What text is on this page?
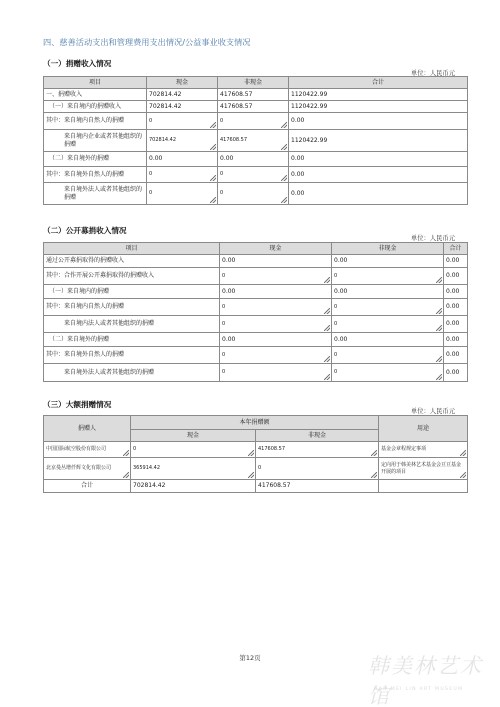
四、慈善活动支出和管理费用支出情况/公益事业收支情况
（一）捐赠收入情况
单位：人民币元
项目	现金	非现金	合计
一、捐赠收入	702814.42	417608.57	1120422.99
（一）来自境内的捐赠收入	702814.42	417608.57	1120422.99
其中：来自境内自然人的捐赠	0	0	0.00
来自境内企业或者其他组织的捐赠	702814.42	417608.57	1120422.99
（二）来自境外的捐赠	0.00	0.00	0.00
其中：来自境外自然人的捐赠	0	0	0.00
来自境外法人或者其他组织的捐赠	0	0	0.00
（二）公开募捐收入情况
单位：人民币元
项目	现金	非现金	合计
通过公开募捐取得的捐赠收入	0.00	0.00	0.00
其中：合作开展公开募捐取得的捐赠收入	0	0	0.00
（一）来自境内的捐赠	0.00	0.00	0.00
其中：来自境内自然人的捐赠	0	0	0.00
来自境内法人或者其他组织的捐赠	0	0	0.00
（二）来自境外的捐赠	0.00	0.00	0.00
其中：来自境外自然人的捐赠	0	0	0.00
来自境外法人或者其他组织的捐赠	0	0	0.00
（三）大额捐赠情况
单位：人民币元
捐赠人	本年捐赠额		用途
	现金	非现金	
中国国际航空股份有限公司	0	417608.57	基金会章程规定事项
北京曼丛增仟辉文化有限公司	365914.42	0	定向用于韩美林艺术基金会豆豆基金开展的项目
合计	702814.42	417608.57	
第12页	韩美林艺术馆
HAN MEI LIN ART MUSEUM
